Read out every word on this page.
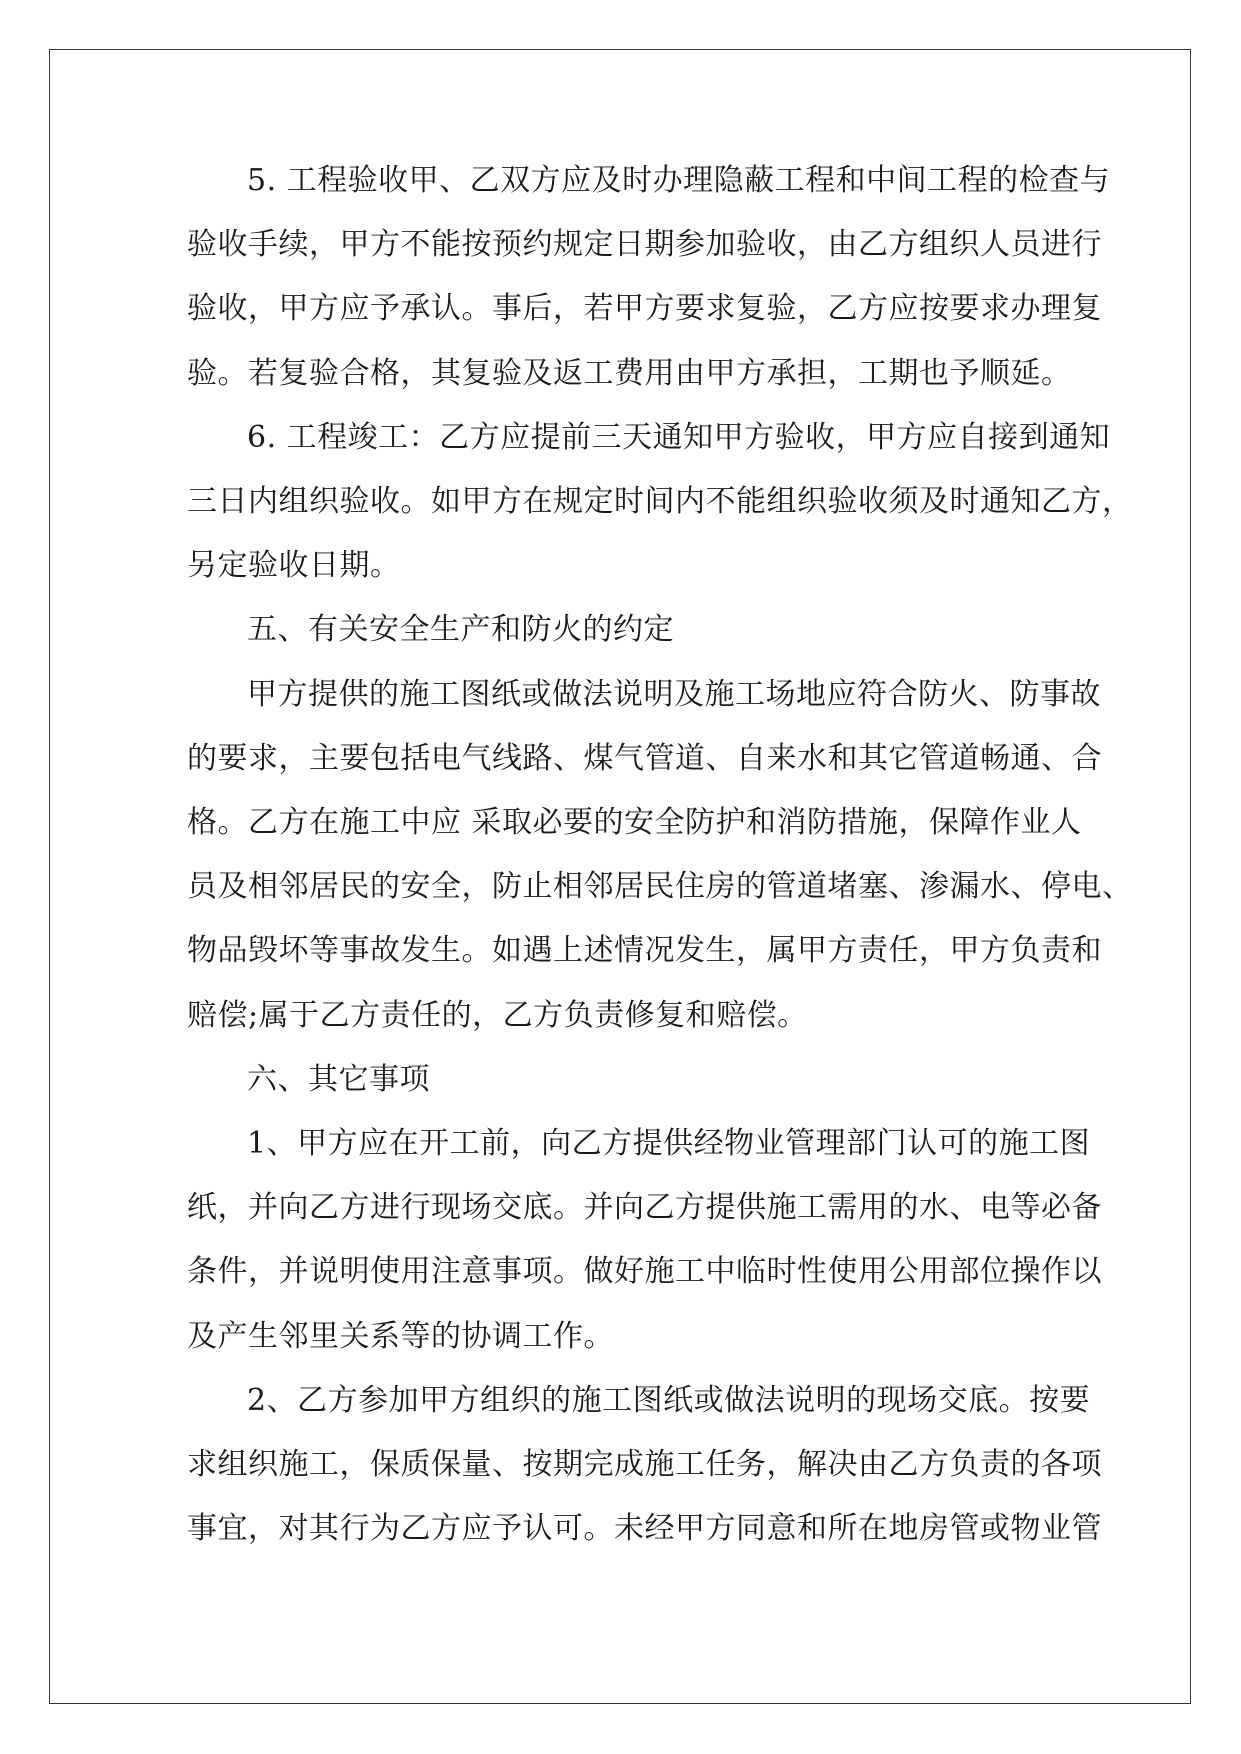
5. 工程验收甲、乙双方应及时办理隐蔽工程和中间工程的检查与
验收手续，甲方不能按预约规定日期参加验收，由乙方组织人员进行
验收，甲方应予承认。事后，若甲方要求复验，乙方应按要求办理复
验。若复验合格，其复验及返工费用由甲方承担，工期也予顺延。

6. 工程竣工：乙方应提前三天通知甲方验收，甲方应自接到通知
三日内组织验收。如甲方在规定时间内不能组织验收须及时通知乙方，
另定验收日期。

五、有关安全生产和防火的约定

甲方提供的施工图纸或做法说明及施工场地应符合防火、防事故
的要求，主要包括电气线路、煤气管道、自来水和其它管道畅通、合
格。乙方在施工中应 采取必要的安全防护和消防措施，保障作业人
员及相邻居民的安全，防止相邻居民住房的管道堵塞、渗漏水、停电、
物品毁坏等事故发生。如遇上述情况发生，属甲方责任，甲方负责和
赔偿;属于乙方责任的，乙方负责修复和赔偿。

六、其它事项

1、甲方应在开工前，向乙方提供经物业管理部门认可的施工图
纸，并向乙方进行现场交底。并向乙方提供施工需用的水、电等必备
条件，并说明使用注意事项。做好施工中临时性使用公用部位操作以
及产生邻里关系等的协调工作。

2、乙方参加甲方组织的施工图纸或做法说明的现场交底。按要
求组织施工，保质保量、按期完成施工任务，解决由乙方负责的各项
事宜，对其行为乙方应予认可。未经甲方同意和所在地房管或物业管
